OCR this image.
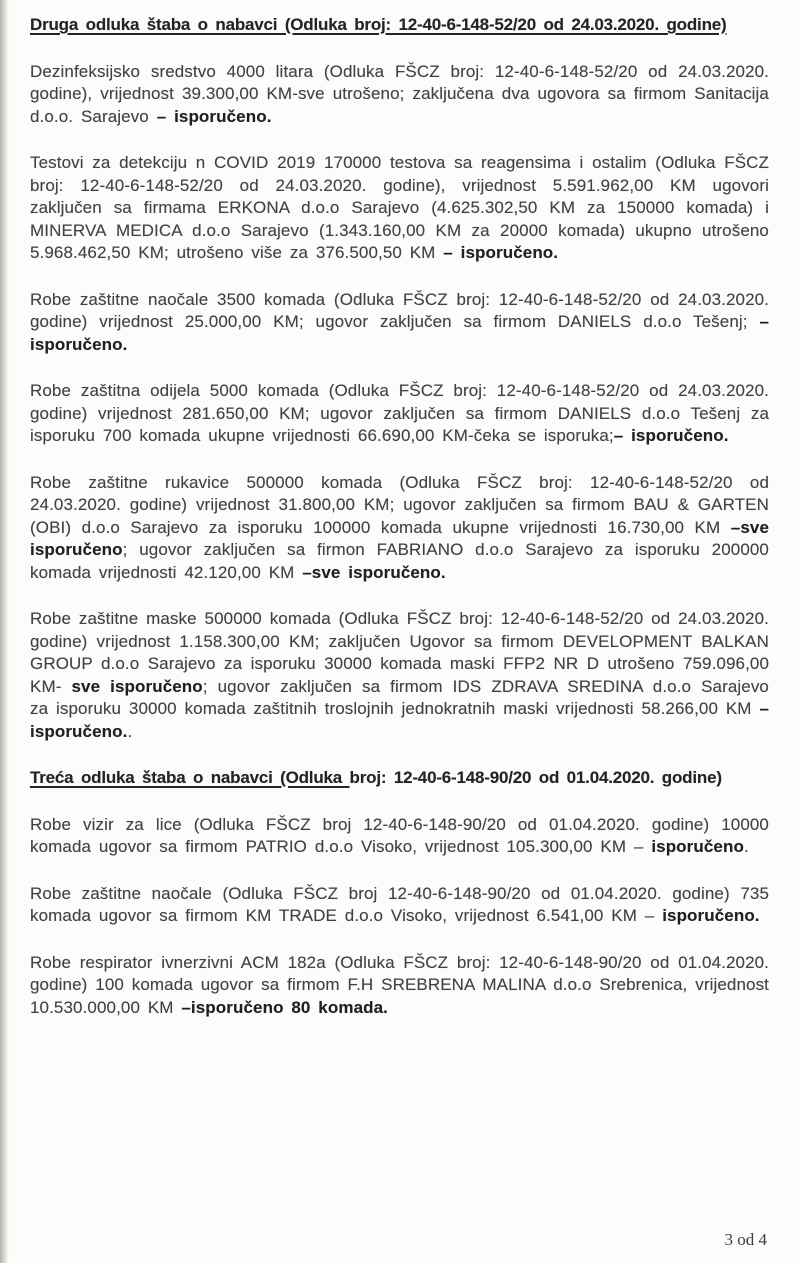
Druga odluka štaba o nabavci (Odluka broj: 12-40-6-148-52/20 od 24.03.2020. godine)

Dezinfeksijsko sredstvo 4000 litara (Odluka FŠCZ broj: 12-40-6-148-52/20 od 24.03.2020. godine), vrijednost 39.300,00 KM-sve utrošeno; zaključena dva ugovora sa firmom Sanitacija d.o.o. Sarajevo – isporučeno.

Testovi za detekciju n COVID 2019 170000 testova sa reagensima i ostalim (Odluka FŠCZ broj: 12-40-6-148-52/20 od 24.03.2020. godine), vrijednost 5.591.962,00 KM ugovori zaključen sa firmama ERKONA d.o.o Sarajevo (4.625.302,50 KM za 150000 komada) i MINERVA MEDICA d.o.o Sarajevo (1.343.160,00 KM za 20000 komada) ukupno utrošeno 5.968.462,50 KM; utrošeno više za 376.500,50 KM – isporučeno.

Robe zaštitne naočale 3500 komada (Odluka FŠCZ broj: 12-40-6-148-52/20 od 24.03.2020. godine) vrijednost 25.000,00 KM; ugovor zaključen sa firmom DANIELS d.o.o Tešenj; – isporučeno.

Robe zaštitna odijela 5000 komada (Odluka FŠCZ broj: 12-40-6-148-52/20 od 24.03.2020. godine) vrijednost 281.650,00 KM; ugovor zaključen sa firmom DANIELS d.o.o Tešenj za isporuku 700 komada ukupne vrijednosti 66.690,00 KM-čeka se isporuka;– isporučeno.

Robe zaštitne rukavice 500000 komada (Odluka FŠCZ broj: 12-40-6-148-52/20 od 24.03.2020. godine) vrijednost 31.800,00 KM; ugovor zaključen sa firmom BAU & GARTEN (OBI) d.o.o Sarajevo za isporuku 100000 komada ukupne vrijednosti 16.730,00 KM –sve isporučeno; ugovor zaključen sa firmon FABRIANO d.o.o Sarajevo za isporuku 200000 komada vrijednosti 42.120,00 KM –sve isporučeno.

Robe zaštitne maske 500000 komada (Odluka FŠCZ broj: 12-40-6-148-52/20 od 24.03.2020. godine) vrijednost 1.158.300,00 KM; zaključen Ugovor sa firmom DEVELOPMENT BALKAN GROUP d.o.o Sarajevo za isporuku 30000 komada maski FFP2 NR D utrošeno 759.096,00 KM- sve isporučeno; ugovor zaključen sa firmom IDS ZDRAVA SREDINA d.o.o Sarajevo za isporuku 30000 komada zaštitnih troslojnih jednokratnih maski vrijednosti 58.266,00 KM – isporučeno..

Treća odluka štaba o nabavci (Odluka broj: 12-40-6-148-90/20 od 01.04.2020. godine)

Robe vizir za lice (Odluka FŠCZ broj 12-40-6-148-90/20 od 01.04.2020. godine) 10000 komada ugovor sa firmom PATRIO d.o.o Visoko, vrijednost 105.300,00 KM – isporučeno.

Robe zaštitne naočale (Odluka FŠCZ broj 12-40-6-148-90/20 od 01.04.2020. godine) 735 komada ugovor sa firmom KM TRADE d.o.o Visoko, vrijednost 6.541,00 KM – isporučeno.

Robe respirator ivnerzivni ACM 182a (Odluka FŠCZ broj: 12-40-6-148-90/20 od 01.04.2020. godine) 100 komada ugovor sa firmom F.H SREBRENA MALINA d.o.o Srebrenica, vrijednost 10.530.000,00 KM –isporučeno 80 komada.

3 od 4
